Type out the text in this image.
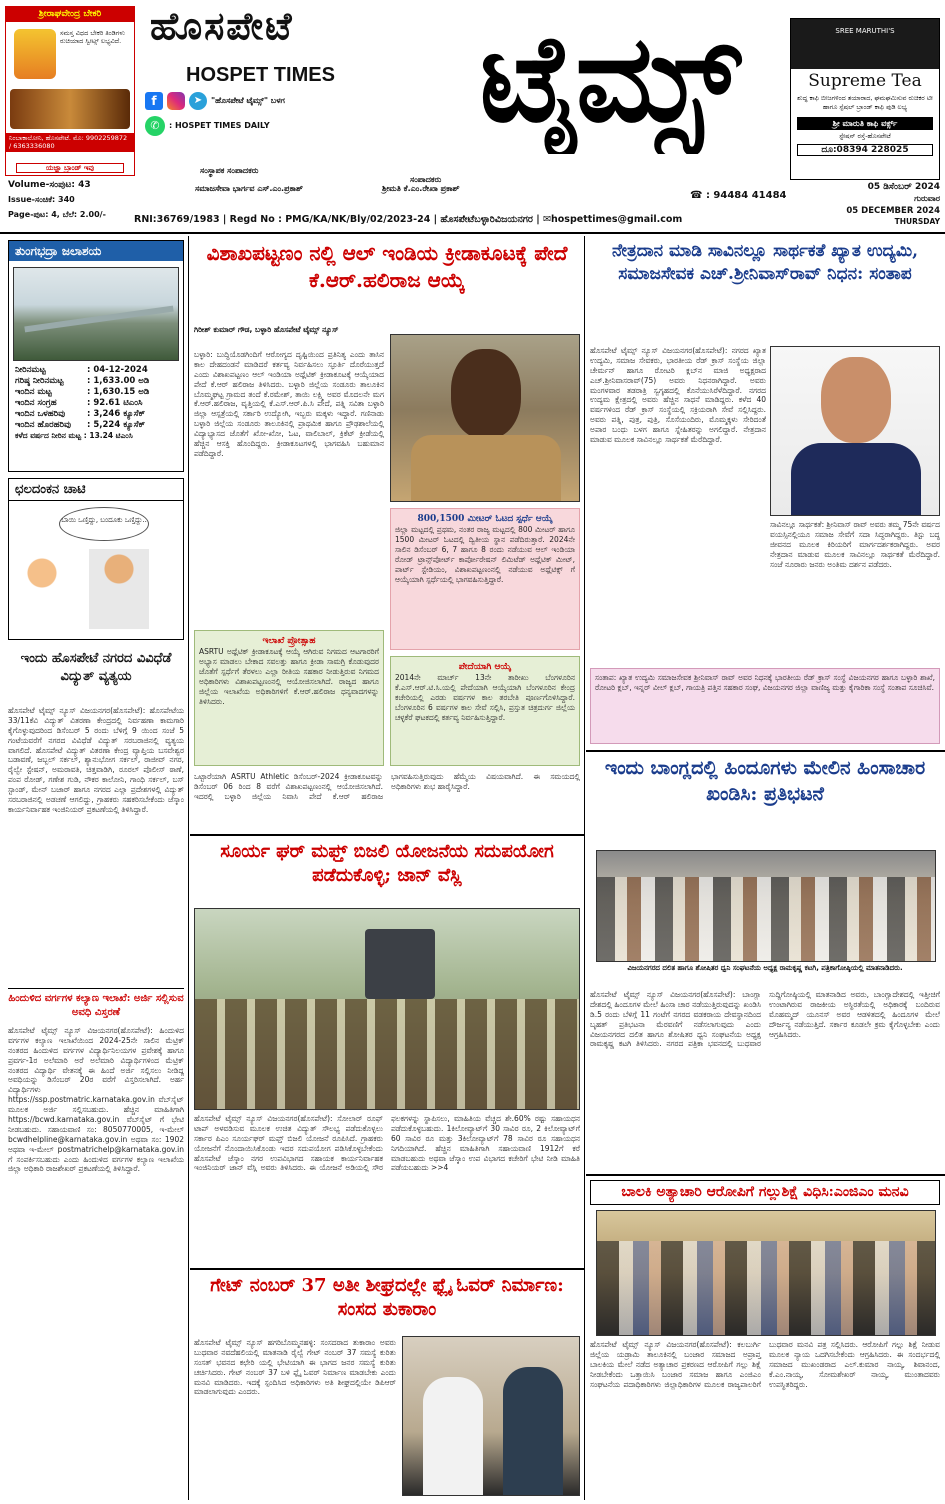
ಶ್ರೀರಾಘವೇಂದ್ರ ಬೇಕರಿ
ಸಮಸ್ತ ವಿಧದ ಬೇಕರಿ ತಿಂಡಿಗಳು ರುಚಿಯಾದ ಸ್ವೀಟ್ಸ್ ಲಭ್ಯವಿದೆ.
ನಿಂಬಾಕಾಲೋನಿ, ಹೊಸಪೇಟೆ. ಮೊ: 9902259872 / 6363336080
ಯಜ್ಞಾ ಬ್ರಾಂಡ್ ಇವು
ಹೊಸಪೇಟೆ
HOSPET TIMES
f	➤	"ಹೊಸಪೇಟೆ ಟೈಮ್ಸ್" ಬಳಗ
✆	: HOSPET TIMES DAILY	ಟೈಮ್ಸ್	SREE MARUTHI'S
Supreme Tea
ಶುದ್ಧ ಕಾಫಿ ಬೀಜಗಳಿಂದ ತಯಾರಾದ, ಘಮಘಮಿಸುವ ರುಚಿಕರ ಟೀ ಹಾಗೂ ಸ್ಪೆಷಲ್ ಬ್ರಾಂಡ್ ಕಾಫಿ ಪುಡಿ ಲಭ್ಯ
ಶ್ರೀ ಮಾರುತಿ ಕಾಫಿ ವರ್ಕ್ಸ್
ಸ್ಟೇಷನ್ ರಸ್ತೆ-ಹೊಸಪೇಟೆ
ದೂ:08394 228025
ಸಂಸ್ಥಾಪಕ ಸಂಪಾದಕರು
ಸಂಪಾದಕರು
ಸಮಾಜಸೇವಾ ಭಾರ್ಗವ ಎಸ್.ಎಂ.ಪ್ರಕಾಶ್	ಶ್ರೀಮತಿ ಕೆ.ಎಂ.ರೇಖಾ ಪ್ರಕಾಶ್
Volume-ಸಂಪುಟ: 43
Issue-ಸಂಚಿಕೆ: 340
Page-ಪುಟ: 4, ಬೆಲೆ: 2.00/-
☎ : 94484 41484
05 ಡಿಸೆಂಬರ್ 2024
ಗುರುವಾರ
05 DECEMBER 2024
THURSDAY
RNI:36769/1983 | Regd No : PMG/KA/NK/Bly/02/2023-24 | ಹೊಸಪೇಟೆಬಳ್ಳಾರಿವಿಜಯನಗರ | ✉hospettimes@gmail.com
ತುಂಗಭದ್ರಾ ಜಲಾಶಯ
ನೀರಿನಮಟ್ಟ	: 04-12-2024
ಗರಿಷ್ಠ ನೀರಿನಮಟ್ಟ	: 1,633.00 ಅಡಿ
ಇಂದಿನ ಮಟ್ಟ	: 1,630.15 ಅಡಿ
ಇಂದಿನ ಸಂಗ್ರಹ	: 92.61 ಟಿಎಂಸಿ
ಇಂದಿನ ಒಳಹರಿವು	: 3,246 ಕ್ಯೂಸೆಕ್
ಇಂದಿನ ಹೊರಹರಿವು	: 5,224 ಕ್ಯೂಸೆಕ್
ಕಳೆದ ವರ್ಷದ ನೀರಿನ ಮಟ್ಟ
: 13.24 ಟಿಎಂಸಿ
ಛಲದಂಕನ ಚಾಟಿ
ಬಾಯಿ ಒಣ್ತಿದ್ದು, ಬಂದೂಕು ಒಣ್ತಿದ್ದು..
ಇಂದು ಹೊಸಪೇಟೆ ನಗರದ ವಿವಿಧೆಡೆ ವಿದ್ಯುತ್ ವ್ಯತ್ಯಯ
ಹೊಸಪೇಟೆ ಟೈಮ್ಸ್ ನ್ಯೂಸ್ ವಿಜಯನಗರ(ಹೊಸಪೇಟೆ): ಹೊಸಪೇಟೆಯ 33/11ಕೆವಿ ವಿದ್ಯುತ್ ವಿತರಣಾ ಕೇಂದ್ರದಲ್ಲಿ ನಿರ್ವಹಣಾ ಕಾಮಗಾರಿ ಕೈಗೊಳ್ಳುವುದರಿಂದ ಡಿಸೆಂಬರ್ 5 ರಂದು ಬೆಳಿಗ್ಗೆ 9 ಯಿಂದ ಸಂಜೆ 5 ಗಂಟೆಯವರೆಗೆ ನಗರದ ವಿವಿಧೆಡೆ ವಿದ್ಯುತ್ ಸರಬರಾಜಿನಲ್ಲಿ ವ್ಯತ್ಯಯ ವಾಗಲಿದೆ. ಹೊಸಪೇಟೆ ವಿದ್ಯುತ್ ವಿತರಣಾ ಕೇಂದ್ರ ವ್ಯಾಪ್ತಿಯ ಬಸವೇಶ್ವರ ಬಡಾವಣೆ, ಜಬ್ಬಲ್ ಸರ್ಕಲ್, ಶ್ಯಾನುಭೋಗ ಸರ್ಕಲ್, ರಾಜೀವ್ ನಗರ, ರೈಲ್ವೇ ಸ್ಟೇಷನ್, ಅಮರಾವತಿ, ಚಿತ್ತವಾಡಿಗಿ, ರೂರಲ್ ಪೊಲೀಸ್ ಠಾಣೆ, ಪಂಪ ರೋಡ್, ಗಣೇಶ ಗುಡಿ, ನೌಕರ ಕಾಲೋನಿ, ಗಾಂಧಿ ಸರ್ಕಲ್, ಬಸ್ ಸ್ಟಾಂಡ್, ಮೇನ್ ಬಜಾರ್ ಹಾಗೂ ನಗರದ ಎಲ್ಲಾ ಪ್ರದೇಶಗಳಲ್ಲಿ ವಿದ್ಯುತ್ ಸರಬರಾಜಿನಲ್ಲಿ ಅಡಚಣೆ ಆಗಲಿದ್ದು, ಗ್ರಾಹಕರು ಸಹಕರಿಸಬೇಕೆಂದು ಜೆಸ್ಕಾಂ ಕಾರ್ಯನಿರ್ವಾಹಕ ಇಂಜಿನಿಯರ್ ಪ್ರಕಟಣೆಯಲ್ಲಿ ತಿಳಿಸಿದ್ದಾರೆ.
ಹಿಂದುಳಿದ ವರ್ಗಗಳ ಕಲ್ಯಾಣ ಇಲಾಖೆ: ಅರ್ಜಿ ಸಲ್ಲಿಸುವ ಅವಧಿ ವಿಸ್ತರಣೆ
ಹೊಸಪೇಟೆ ಟೈಮ್ಸ್ ನ್ಯೂಸ್ ವಿಜಯನಗರ(ಹೊಸಪೇಟೆ): ಹಿಂದುಳಿದ ವರ್ಗಗಳ ಕಲ್ಯಾಣ ಇಲಾಖೆಯಿಂದ 2024-25ನೇ ಸಾಲಿನ ಮೆಟ್ರಿಕ್ ನಂತರದ ಹಿಂದುಳಿದ ವರ್ಗಗಳ ವಿದ್ಯಾರ್ಥಿನಿಲಯಗಳ ಪ್ರವೇಶಕ್ಕೆ ಹಾಗೂ ಪ್ರವರ್ಗ-1ರ ಅಲೆಮಾರಿ ಅರೆ ಅಲೆಮಾರಿ ವಿದ್ಯಾರ್ಥಿಗಳಿಂದ ಮೆಟ್ರಿಕ್ ನಂತರದ ವಿದ್ಯಾರ್ಥಿ ವೇತನಕ್ಕೆ ಈ ಹಿಂದೆ ಅರ್ಜಿ ಸಲ್ಲಿಸಲು ನೀಡಿದ್ದ ಅವಧಿಯನ್ನು ಡಿಸೆಂಬರ್ 20ರ ವರೆಗೆ ವಿಸ್ತರಿಸಲಾಗಿದೆ. ಅರ್ಹ ವಿದ್ಯಾರ್ಥಿಗಳು https://ssp.postmatric.karnataka.gov.in ವೆಬ್‌ಸೈಟ್ ಮೂಲಕ ಅರ್ಜಿ ಸಲ್ಲಿಸಬಹುದು. ಹೆಚ್ಚಿನ ಮಾಹಿತಿಗಾಗಿ https://bcwd.karnataka.gov.in ವೆಬ್‌ಸೈಟ್ ಗೆ ಭೇಟಿ ನೀಡಬಹುದು. ಸಹಾಯವಾಣಿ ಸಂ: 8050770005, ಇ-ಮೇಲ್ bcwdhelpline@karnataka.gov.in ಅಥವಾ ಸಂ: 1902 ಅಥವಾ ಇ-ಮೇಲ್ postmatrichelp@karnataka.gov.in ಗೆ ಸಂಪರ್ಕಿಸಬಹುದು ಎಂದು ಹಿಂದುಳಿದ ವರ್ಗಗಳ ಕಲ್ಯಾಣ ಇಲಾಖೆಯ ಜಿಲ್ಲಾ ಅಧಿಕಾರಿ ರಾಜಶೇಖರ್ ಪ್ರಕಟಣೆಯಲ್ಲಿ ತಿಳಿಸಿದ್ದಾರೆ.
ವಿಶಾಖಪಟ್ಟಣಂ ನಲ್ಲಿ ಆಲ್ ಇಂಡಿಯ ಕ್ರೀಡಾಕೂಟಕ್ಕೆ ಪೇದೆ ಕೆ.ಆರ್.ಹಲಿರಾಜ ಆಯ್ಕೆ
ಗಿರೀಶ್ ಕುಮಾರ್ ಗೌಡ, ಬಳ್ಳಾರಿ ಹೊಸಪೇಟೆ ಟೈಮ್ಸ್ ನ್ಯೂಸ್
ಬಳ್ಳಾರಿ: ಬುದ್ಧಿಯೊಡಗಿಂದಿಗೆ ಆರೋಗ್ಯದ ದೃಷ್ಟಿಯಿಂದ ಪ್ರತಿನಿತ್ಯ ಎಂದು ತಾಸಿನ ಕಾಲ ದೇಹದಂಡನೆ ಮಾಡಿದರೆ ಕರ್ತವ್ಯ ನಿರ್ವಹಿಸಲು ಸ್ಫೂರ್ತಿ ದೊರೆಯುತ್ತದೆ ಎಂದು ವಿಶಾಖಪಟ್ಟಣಂ ಆಲ್ ಇಂಡಿಯಾ ಅಥ್ಲೆಟಿಕ್ ಕ್ರೀಡಾಕೂಟಕ್ಕೆ ಆಯ್ಕೆಯಾದ ಪೇದೆ ಕೆ.ಆರ್ ಹಲಿರಾಜ ತಿಳಿಸಿದರು. ಬಳ್ಳಾರಿ ಜಿಲ್ಲೆಯ ಸಂಡೂರು ತಾಲೂಕಿನ ಬೊಮ್ಮಘಟ್ಟ ಗ್ರಾಮದ ತಂದೆ ಕೆ.ರಮೇಶ್, ತಾಯಿ ಲಕ್ಷ್ಮಿ ಅವರ ಮೊದಲನೇ ಮಗ ಕೆ.ಆರ್.ಹಲಿರಾಜ, ವೃತ್ತಿಯಲ್ಲಿ ಕೆ.ಎಸ್.ಆರ್.ಪಿ.ಸಿ ಪೇದೆ, ಪತ್ನಿ ಸವಿತಾ ಬಳ್ಳಾರಿ ಜಿಲ್ಲಾ ಆಸ್ಪತ್ರೆಯಲ್ಲಿ ಸರ್ಕಾರಿ ಉದ್ಯೋಗಿ, ಇಬ್ಬರು ಮಕ್ಕಳು ಇದ್ದಾರೆ. ಗಣಿನಾಡು ಬಳ್ಳಾರಿ ಜಿಲ್ಲೆಯ ಸಂಡೂರು ತಾಲೂಕಿನಲ್ಲಿ ಪ್ರಾಥಮಿಕ ಹಾಗೂ ಪ್ರೌಢಶಾಲೆಯಲ್ಲಿ ವಿದ್ಯಾಭ್ಯಾಸದ ಜೊತೆಗೆ ಖೋ-ಖೋ, ಓಟ, ವಾಲಿಬಾಲ್, ಕ್ರಿಕೆಟ್ ಕ್ರೀಡೆಯಲ್ಲಿ ಹೆಚ್ಚಿನ ಆಸಕ್ತಿ ಹೊಂದಿದ್ದರು. ಕ್ರೀಡಾಕೂಟಗಳಲ್ಲಿ ಭಾಗವಹಿಸಿ ಬಹುಮಾನ ಪಡೆದಿದ್ದಾರೆ.
800,1500 ಮೀಟರ್ ಓಟದ ಸ್ಪರ್ಧೆ ಆಯ್ಕೆ
ಜಿಲ್ಲಾ ಮಟ್ಟದಲ್ಲಿ ಪ್ರಥಮ, ನಂತರ ರಾಜ್ಯ ಮಟ್ಟದಲ್ಲಿ 800 ಮೀಟರ್ ಹಾಗೂ 1500 ಮೀಟರ್ ಓಟದಲ್ಲಿ ದ್ವಿತೀಯ ಸ್ಥಾನ ಪಡೆದಿರುತ್ತಾರೆ. 2024ನೇ ಸಾಲಿನ ಡಿಸೆಂಬರ್ 6, 7 ಹಾಗೂ 8 ರಂದು ನಡೆಯುವ ಆಲ್ ಇಂಡಿಯಾ ರೋಡ್ ಟ್ರಾನ್ಸ್‌ಪೋರ್ಟ್ ಕಾರ್ಪೋರೇಷನ್ ಲಿಮಿಟೆಡ್ ಅಥ್ಲೆಟಿಕ್ ಮೀಟ್, ಪಾರ್ಟ್ ಸ್ಟೇಡಿಯಂ, ವಿಶಾಖಪಟ್ಟಣಂನಲ್ಲಿ ನಡೆಯುವ ಅಥ್ಲೆಟಿಕ್ಸ್ ಗೆ ಆಯ್ಕೆಯಾಗಿ ಸ್ಪರ್ಧೆಯಲ್ಲಿ ಭಾಗವಹಿಸುತ್ತಿದ್ದಾರೆ.
ಇಲಾಖೆ ಪ್ರೋತ್ಸಾಹ
ASRTU ಅಥ್ಲೆಟಿಕ್ ಕ್ರೀಡಾಕೂಟಕ್ಕೆ ಆಯ್ಕೆ ಆಗಿರುವ ನಿಗಮದ ಆಟಗಾರರಿಗೆ ಅಭ್ಯಾಸ ಮಾಡಲು ಬೇಕಾದ ಸವಲತ್ತು ಹಾಗೂ ಕ್ರೀಡಾ ಸಾಮಗ್ರಿ ಕೊಡುವುದರ ಜೊತೆಗೆ ಸ್ಪರ್ಧೆಗೆ ತೆರಳಲು ಎಲ್ಲಾ ರೀತಿಯ ಸಹಕಾರ ನೀಡುತ್ತಿರುವ ನಿಗಮದ ಅಧಿಕಾರಿಗಳು ವಿಶಾಖಪಟ್ಟಣಂನಲ್ಲಿ ಆಯೋಜಿಸಲಾಗಿದೆ. ರಾಜ್ಯದ ಹಾಗೂ ಜಿಲ್ಲೆಯ ಇಲಾಖೆಯ ಅಧಿಕಾರಿಗಳಿಗೆ ಕೆ.ಆರ್.ಹಲಿರಾಜ ಧನ್ಯವಾದಗಳನ್ನು ತಿಳಿಸಿದರು.
ಪೇದೆಯಾಗಿ ಆಯ್ಕೆ
2014ನೇ ಮಾರ್ಚ್ 13ನೇ ತಾರೀಖು ಬೆಂಗಳೂರಿನ ಕೆ.ಎಸ್.ಆರ್.ಟಿ.ಸಿ.ಯಲ್ಲಿ ಪೇದೆಯಾಗಿ ಆಯ್ಕೆಯಾಗಿ ಬೆಂಗಳೂರಿನ ಕೇಂದ್ರ ಕಚೇರಿಯಲ್ಲಿ ಎರಡು ವರ್ಷಗಳ ಕಾಲ ತರಬೇತಿ ಪೂರ್ಣಗೊಳಿಸಿದ್ದಾರೆ. ಬೆಂಗಳೂರಿನ 6 ವರ್ಷಗಳ ಕಾಲ ಸೇವೆ ಸಲ್ಲಿಸಿ, ಪ್ರಸ್ತುತ ಚಿತ್ರದುರ್ಗ ಜಿಲ್ಲೆಯ ಚಳ್ಳಕೆರೆ ಘಟಕದಲ್ಲಿ ಕರ್ತವ್ಯ ನಿರ್ವಹಿಸುತ್ತಿದ್ದಾರೆ.
ಒಟ್ಟಾರೆಯಾಗಿ ASRTU Athletic ಡಿಸೆಂಬರ್-2024 ಕ್ರೀಡಾಕೂಟವನ್ನು ಡಿಸೆಂಬರ್ 06 ರಿಂದ 8 ವರೆಗೆ ವಿಶಾಖಪಟ್ಟಣಂನಲ್ಲಿ ಆಯೋಜಿಸಲಾಗಿದೆ. ಇದರಲ್ಲಿ ಬಳ್ಳಾರಿ ಜಿಲ್ಲೆಯ ನಿವಾಸಿ ಪೇದೆ ಕೆ.ಆರ್ ಹಲಿರಾಜ ಭಾಗವಹಿಸುತ್ತಿರುವುದು ಹೆಮ್ಮೆಯ ವಿಷಯವಾಗಿದೆ. ಈ ಸಮಯದಲ್ಲಿ ಅಧಿಕಾರಿಗಳು ಶುಭ ಹಾರೈಸಿದ್ದಾರೆ.
ಸೂರ್ಯ ಘರ್ ಮಫ್ತ್ ಬಿಜಲಿ ಯೋಜನೆಯ ಸದುಪಯೋಗ ಪಡೆದುಕೊಳ್ಳಿ; ಜಾನ್ ವೆಸ್ಲಿ
ಹೊಸಪೇಟೆ ಟೈಮ್ಸ್ ನ್ಯೂಸ್ ವಿಜಯನಗರ(ಹೊಸಪೇಟೆ): ಸೋಲಾರ್ ರೂಫ್ ಟಾಪ್ ಅಳವಡಿಸುವ ಮೂಲಕ ಉಚಿತ ವಿದ್ಯುತ್ ಸೌಲಭ್ಯ ಪಡೆದುಕೊಳ್ಳಲು ಸರ್ಕಾರ ಪಿಎಂ ಸೂರ್ಯಘರ್ ಮಫ್ತ್ ಬಿಜಲಿ ಯೋಜನೆ ರೂಪಿಸಿದೆ. ಗ್ರಾಹಕರು ಯೋಜನೆಗೆ ನೊಂದಾಯಿಸಿಕೊಂಡು ಇದರ ಸದುಪಯೋಗ ಪಡಿಸಿಕೊಳ್ಳಬೇಕೆಂದು ಹೊಸಪೇಟೆ ಜೆಸ್ಕಾಂ ನಗರ ಉಪವಿಭಾಗದ ಸಹಾಯಕ ಕಾರ್ಯನಿರ್ವಾಹಕ ಇಂಜಿನಿಯರ್ ಜಾನ್ ವೆಸ್ಲಿ ಅವರು ತಿಳಿಸಿದರು. ಈ ಯೋಜನೆ ಅಡಿಯಲ್ಲಿ ಸೌರ ಫಲಕಗಳನ್ನು ಸ್ಥಾಪಿಸಲು, ಮಾಹಿತಿಯ ವೆಚ್ಚದ ಶೇ.60% ರಷ್ಟು ಸಹಾಯಧನ ಪಡೆದುಕೊಳ್ಳಬಹುದು. 1ಕಿಲೋವ್ಯಾಟ್‌ಗೆ 30 ಸಾವಿರ ರೂ, 2 ಕಿಲೋವ್ಯಾಟ್‌ಗೆ 60 ಸಾವಿರ ರೂ ಮತ್ತು 3ಕಿಲೋವ್ಯಾಟ್‌ಗೆ 78 ಸಾವಿರ ರೂ ಸಹಾಯಧನ ನಿಗದಿಯಾಗಿದೆ. ಹೆಚ್ಚಿನ ಮಾಹಿತಿಗಾಗಿ ಸಹಾಯವಾಣಿ 1912ಗೆ ಕರೆ ಮಾಡಬಹುದು ಅಥವಾ ಜೆಸ್ಕಾಂ ಉಪ ವಿಭಾಗದ ಕಚೇರಿಗೆ ಭೇಟಿ ನೀಡಿ ಮಾಹಿತಿ ಪಡೆಯಬಹುದು >>4
ಗೇಟ್ ನಂಬರ್ 37 ಅತೀ ಶೀಘ್ರದಲ್ಲೇ ಫ್ಲೈ ಓವರ್ ನಿರ್ಮಾಣ: ಸಂಸದ ತುಕಾರಾಂ
ಹೊಸಪೇಟೆ ಟೈಮ್ಸ್ ನ್ಯೂಸ್ ಹಗರಿಬೊಮ್ಮನಹಳ್ಳಿ: ಸಂಸದರಾದ ತುಕಾರಾಂ ಅವರು ಬುಧವಾರ ನವದೆಹಲಿಯಲ್ಲಿ ಮಾತನಾಡಿ ರೈಲ್ವೆ ಗೇಟ್ ನಂಬರ್ 37 ಸಮಸ್ಯೆ ಕುರಿತು ಸಂಸತ್ ಭವನದ ಕಛೇರಿ ಯಲ್ಲಿ ಭೇಟಿಯಾಗಿ ಈ ಭಾಗದ ಜನರ ಸಮಸ್ಯೆ ಕುರಿತು ಚರ್ಚಿಸಿದರು. ಗೇಟ್ ನಂಬರ್ 37 ಬಳಿ ಫ್ಲೈ ಓವರ್ ನಿರ್ಮಾಣ ಮಾಡಬೇಕು ಎಂದು ಮನವಿ ಮಾಡಿದರು. ಇದಕ್ಕೆ ಸ್ಪಂದಿಸಿದ ಅಧಿಕಾರಿಗಳು ಅತಿ ಶೀಘ್ರದಲ್ಲಿಯೇ ಡಿಪಿಆರ್ ಮಾಡಲಾಗುವುದು ಎಂದರು.
ನೇತ್ರದಾನ ಮಾಡಿ ಸಾವಿನಲ್ಲೂ ಸಾರ್ಥಕತೆ ಖ್ಯಾತ ಉದ್ಯಮಿ, ಸಮಾಜಸೇವಕ ಎಚ್.ಶ್ರೀನಿವಾಸ್‌ರಾವ್ ನಿಧನ: ಸಂತಾಪ
ಹೊಸಪೇಟೆ ಟೈಮ್ಸ್ ನ್ಯೂಸ್ ವಿಜಯನಗರ(ಹೊಸಪೇಟೆ): ನಗರದ ಖ್ಯಾತ ಉದ್ಯಮಿ, ಸಮಾಜ ಸೇವಕರು, ಭಾರತೀಯ ರೆಡ್ ಕ್ರಾಸ್ ಸಂಸ್ಥೆಯ ಜಿಲ್ಲಾ ಚೇರ್ಮನ್ ಹಾಗೂ ರೋಟರಿ ಕ್ಲಬ್‌ನ ಮಾಜಿ ಅಧ್ಯಕ್ಷರಾದ ಎಚ್.ಶ್ರೀನಿವಾಸರಾವ್(75) ಅವರು ನಿಧನರಾಗಿದ್ದಾರೆ. ಅವರು ಮಂಗಳವಾರ ತಡರಾತ್ರಿ ಸ್ವಗೃಹದಲ್ಲಿ ಕೊನೆಯುಸಿರೆಳೆದಿದ್ದಾರೆ. ನಗರದ ಉದ್ಯಮ ಕ್ಷೇತ್ರದಲ್ಲಿ ಅವರು ಹೆಚ್ಚಿನ ಸಾಧನೆ ಮಾಡಿದ್ದರು. ಕಳೆದ 40 ವರ್ಷಗಳಿಂದ ರೆಡ್ ಕ್ರಾಸ್ ಸಂಸ್ಥೆಯಲ್ಲಿ ಸಕ್ರಿಯರಾಗಿ ಸೇವೆ ಸಲ್ಲಿಸಿದ್ದರು. ಅವರು ಪತ್ನಿ, ಪುತ್ರ, ಪುತ್ರಿ, ಸೊಸೆಯಂದಿರು, ಮೊಮ್ಮಕ್ಕಳು ಸೇರಿದಂತೆ ಅಪಾರ ಬಂಧು ಬಳಗ ಹಾಗೂ ಸ್ನೇಹಿತರನ್ನು ಅಗಲಿದ್ದಾರೆ. ನೇತ್ರದಾನ ಮಾಡುವ ಮೂಲಕ ಸಾವಿನಲ್ಲೂ ಸಾರ್ಥಕತೆ ಮೆರೆದಿದ್ದಾರೆ.
ಸಾವಿನಲ್ಲೂ ಸಾರ್ಥಕತೆ: ಶ್ರೀನಿವಾಸ್ ರಾವ್ ಅವರು ತಮ್ಮ 75ನೇ ವರ್ಷದ ವಯಸ್ಸಿನಲ್ಲಿಯೂ ಸಮಾಜ ಸೇವೆಗೆ ಸದಾ ಸಿದ್ಧರಾಗಿದ್ದರು. ತಿಸ್ಟು ಬದ್ಧ ಜೀವನದ ಮೂಲಕ ಕಿರಿಯರಿಗೆ ಮಾರ್ಗದರ್ಶಕರಾಗಿದ್ದರು. ಅವರ ನೇತ್ರದಾನ ಮಾಡುವ ಮೂಲಕ ಸಾವಿನಲ್ಲೂ ಸಾರ್ಥಕತೆ ಮೆರೆದಿದ್ದಾರೆ. ಸಂಜೆ ನೂರಾರು ಜನರು ಅಂತಿಮ ದರ್ಶನ ಪಡೆದರು.
ಸಂತಾಪ: ಖ್ಯಾತ ಉದ್ಯಮಿ ಸಮಾಜಸೇವಕ ಶ್ರೀನಿವಾಸ್ ರಾವ್ ಅವರ ನಿಧನಕ್ಕೆ ಭಾರತೀಯ ರೆಡ್ ಕ್ರಾಸ್ ಸಂಸ್ಥೆ ವಿಜಯನಗರ ಹಾಗೂ ಬಳ್ಳಾರಿ ಶಾಖೆ, ರೋಟರಿ ಕ್ಲಬ್, ಇನ್ನರ್ ವೀಲ್ ಕ್ಲಬ್, ಗಾಯತ್ರಿ ಪತ್ತಿನ ಸಹಕಾರ ಸಂಘ, ವಿಜಯನಗರ ಜಿಲ್ಲಾ ವಾಣಿಜ್ಯ ಮತ್ತು ಕೈಗಾರಿಕಾ ಸಂಸ್ಥೆ ಸಂತಾಪ ಸೂಚಿಸಿವೆ.
ಇಂದು ಬಾಂಗ್ಲದಲ್ಲಿ ಹಿಂದೂಗಳು ಮೇಲಿನ ಹಿಂಸಾಚಾರ ಖಂಡಿಸಿ: ಪ್ರತಿಭಟನೆ
ವಿಜಯನಗರದ ದಲಿತ ಹಾಗೂ ಶೋಷಿತರ ಧ್ವನಿ ಸಂಘಟನೆಯ ಅಧ್ಯಕ್ಷ ರಾಮಕೃಷ್ಣ ಕಟಗಿ, ಪತ್ರಿಕಾಗೋಷ್ಠಿಯಲ್ಲಿ ಮಾತನಾಡಿದರು.
ಹೊಸಪೇಟೆ ಟೈಮ್ಸ್ ನ್ಯೂಸ್ ವಿಜಯನಗರ(ಹೊಸಪೇಟೆ): ಬಾಂಗ್ಲಾ ದೇಶದಲ್ಲಿ ಹಿಂದೂಗಳ ಮೇಲೆ ಹಿಂಸಾ ಚಾರ ನಡೆಯುತ್ತಿರುವುದನ್ನು ಖಂಡಿಸಿ ಡಿ.5 ರಂದು ಬೆಳಿಗ್ಗೆ 11 ಗಂಟೆಗೆ ನಗರದ ವಡಕರಾಯ ದೇವಸ್ಥಾನದಿಂದ ಬೃಹತ್ ಪ್ರತಿಭಟನಾ ಮೆರವಣಿಗೆ ನಡೆಸಲಾಗುವುದು ಎಂದು ವಿಜಯನಗರದ ದಲಿತ ಹಾಗೂ ಶೋಷಿತರ ಧ್ವನಿ ಸಂಘಟನೆಯ ಅಧ್ಯಕ್ಷ ರಾಮಕೃಷ್ಣ ಕಟಗಿ ತಿಳಿಸಿದರು. ನಗರದ ಪತ್ರಿಕಾ ಭವನದಲ್ಲಿ ಬುಧವಾರ ಸುದ್ದಿಗೋಷ್ಠಿಯಲ್ಲಿ ಮಾತನಾಡಿದ ಅವರು, ಬಾಂಗ್ಲಾದೇಶದಲ್ಲಿ ಇತ್ತೀಚಿಗೆ ಉಂಟಾಗಿರುವ ರಾಜಕೀಯ ಅಸ್ಥಿರತೆಯಲ್ಲಿ ಅಧಿಕಾರಕ್ಕೆ ಬಂದಿರುವ ಮೊಹಮ್ಮದ್ ಯೂನಸ್ ಅವರ ಆಡಳಿತದಲ್ಲಿ ಹಿಂದೂಗಳ ಮೇಲೆ ದೌರ್ಜನ್ಯ ನಡೆಯುತ್ತಿದೆ. ಸರ್ಕಾರ ಕೂಡಲೇ ಕ್ರಮ ಕೈಗೊಳ್ಳಬೇಕು ಎಂದು ಆಗ್ರಹಿಸಿದರು.
ಬಾಲಕಿ ಅತ್ಯಾಚಾರಿ ಆರೋಪಿಗೆ ಗಲ್ಲುಶಿಕ್ಷೆ ವಿಧಿಸಿ:ಎಂಜಿಎಂ ಮನವಿ
ಹೊಸಪೇಟೆ ಟೈಮ್ಸ್ ನ್ಯೂಸ್ ವಿಜಯನಗರ(ಹೊಸಪೇಟೆ): ಕಲಬುರ್ಗಿ ಜಿಲ್ಲೆಯ ಯಡ್ರಾಮಿ ತಾಲೂಕಿನಲ್ಲಿ ಬಂಜಾರ ಸಮಾಜದ ಅಪ್ರಾಪ್ತ ಬಾಲಕಿಯ ಮೇಲೆ ನಡೆದ ಅತ್ಯಾಚಾರ ಪ್ರಕರಣದ ಆರೋಪಿಗೆ ಗಲ್ಲು ಶಿಕ್ಷೆ ನೀಡಬೇಕೆಂದು ಒತ್ತಾಯಿಸಿ ಬಂಜಾರ ಸಮಾಜ ಹಾಗೂ ಎಂಜಿಎಂ ಸಂಘಟನೆಯ ಪದಾಧಿಕಾರಿಗಳು ಜಿಲ್ಲಾಧಿಕಾರಿಗಳ ಮೂಲಕ ರಾಜ್ಯಪಾಲರಿಗೆ ಬುಧವಾರ ಮನವಿ ಪತ್ರ ಸಲ್ಲಿಸಿದರು. ಆರೋಪಿಗೆ ಗಲ್ಲು ಶಿಕ್ಷೆ ನೀಡುವ ಮೂಲಕ ನ್ಯಾಯ ಒದಗಿಸಬೇಕೆಂದು ಆಗ್ರಹಿಸಿದರು. ಈ ಸಂದರ್ಭದಲ್ಲಿ ಸಮಾಜದ ಮುಖಂಡರಾದ ಎಲ್.ಕುಮಾರ ನಾಯ್ಕ, ಶಿವಾನಂದ, ಕೆ.ಎಂ.ನಾಯ್ಕ, ಸೋಮಶೇಖರ್ ನಾಯ್ಕ, ಮುಂತಾದವರು ಉಪಸ್ಥಿತರಿದ್ದರು.
